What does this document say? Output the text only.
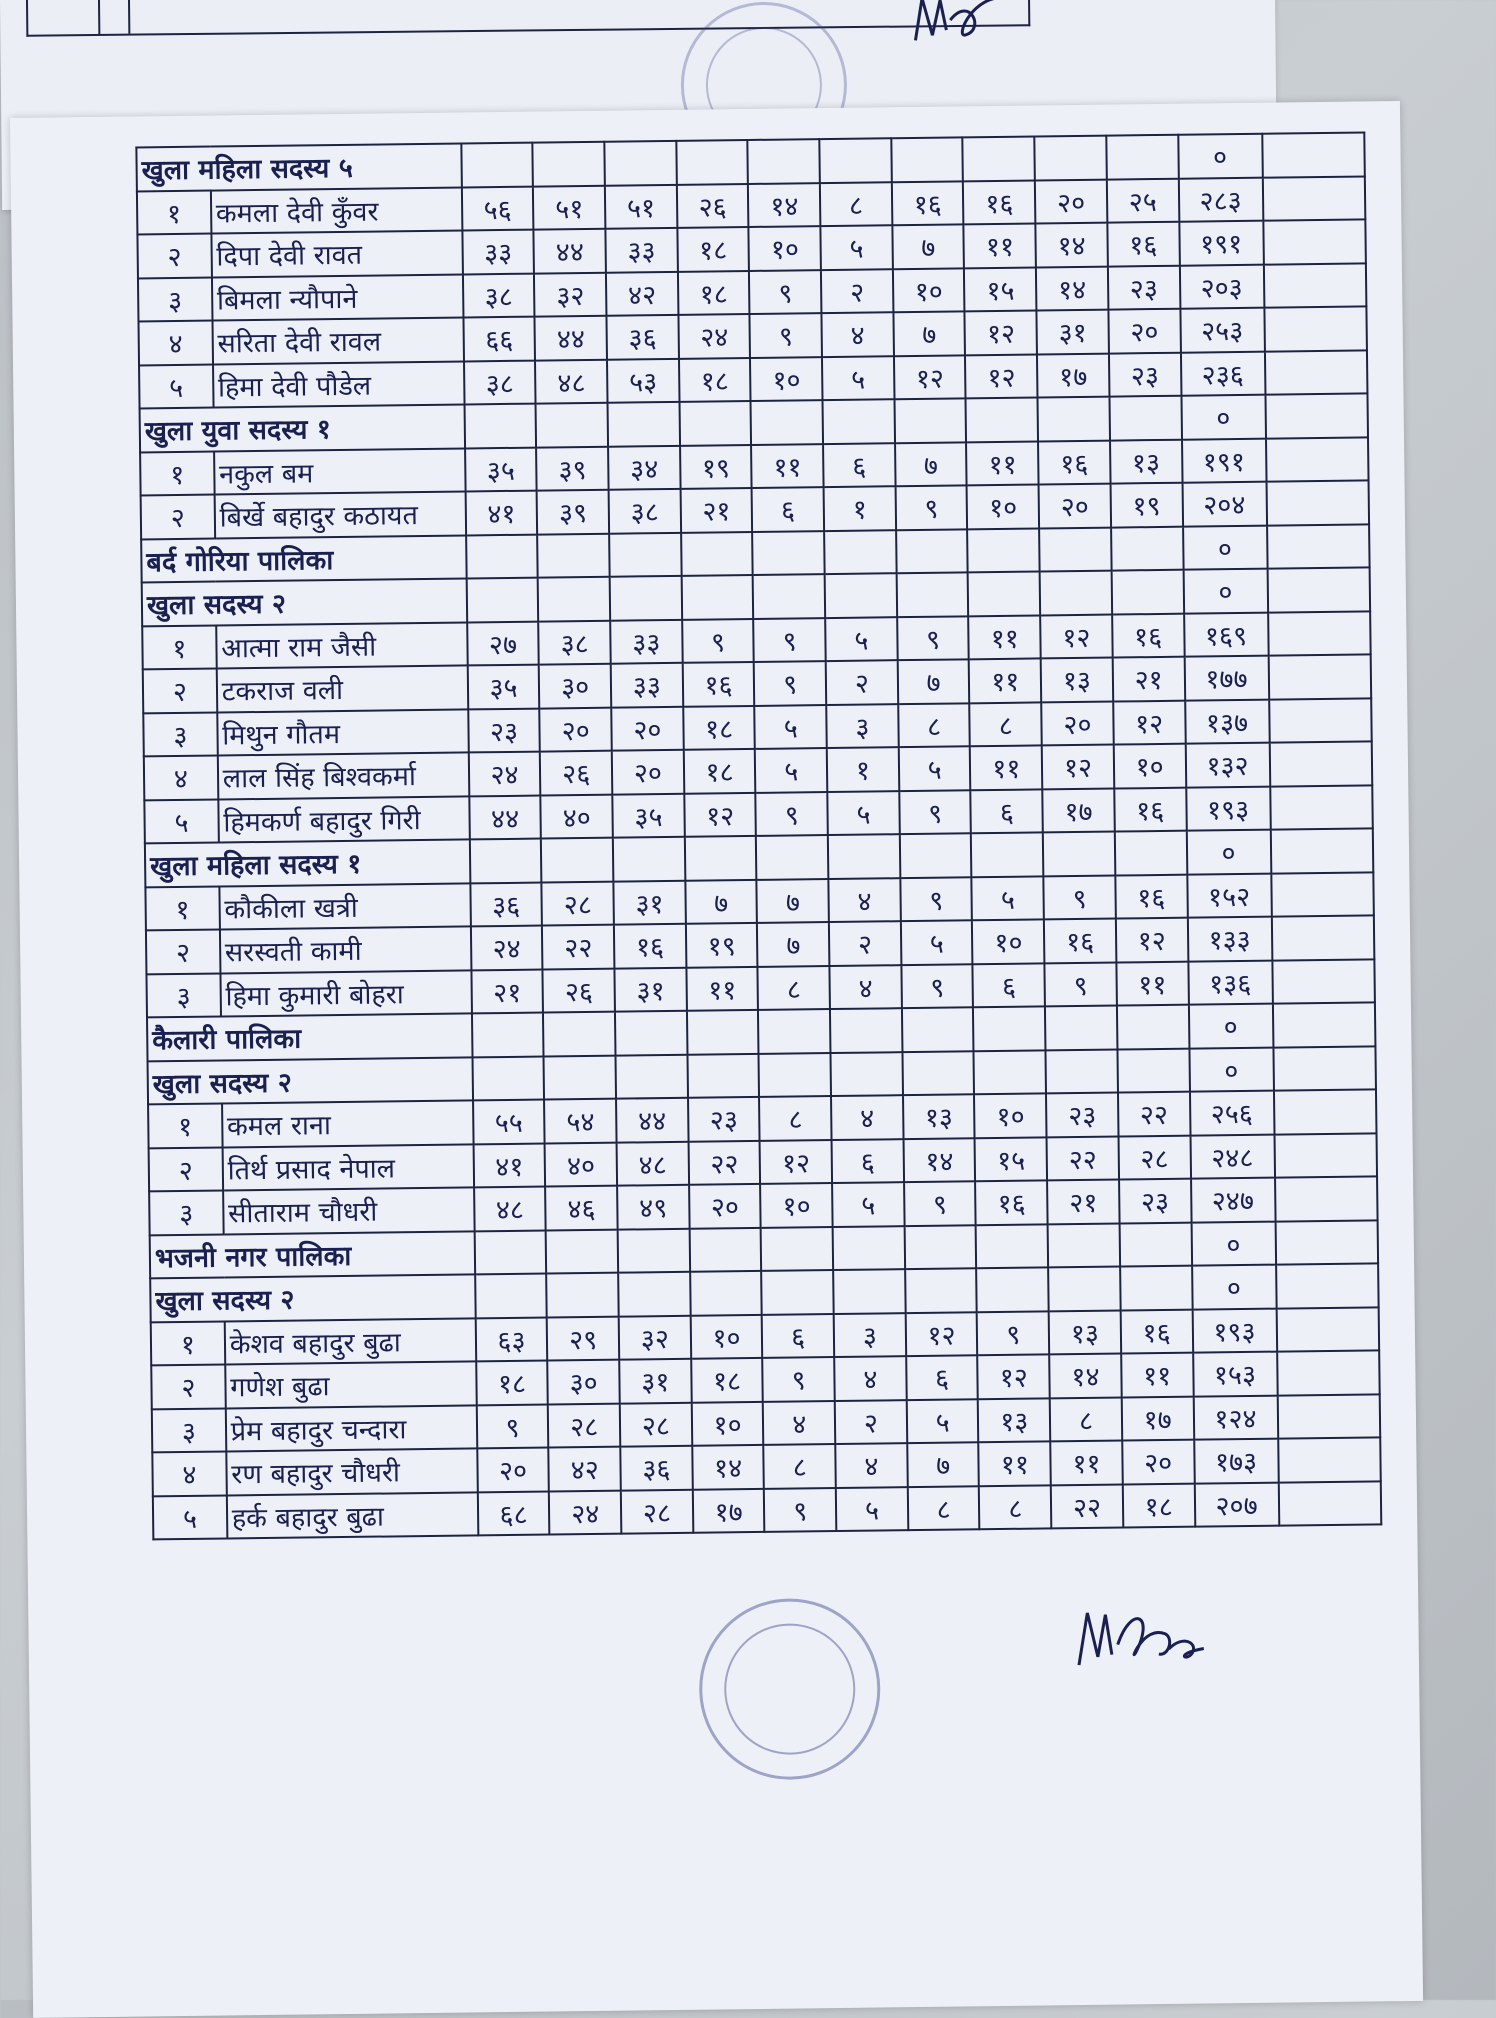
खुला महिला सदस्य ५												०	
१	कमला देवी कुँवर	५६	५१	५१	२६	१४	८	१६	१६	२०	२५	२८३	
२	दिपा देवी रावत	३३	४४	३३	१८	१०	५	७	११	१४	१६	१९१	
३	बिमला न्यौपाने	३८	३२	४२	१८	९	२	१०	१५	१४	२३	२०३	
४	सरिता देवी रावल	६६	४४	३६	२४	९	४	७	१२	३१	२०	२५३	
५	हिमा देवी पौडेल	३८	४८	५३	१८	१०	५	१२	१२	१७	२३	२३६	
खुला युवा सदस्य १												०	
१	नकुल बम	३५	३९	३४	१९	११	६	७	११	१६	१३	१९१	
२	बिर्खे बहादुर कठायत	४१	३९	३८	२१	६	१	९	१०	२०	१९	२०४	
बर्द गोरिया पालिका												०	
खुला सदस्य २												०	
१	आत्मा राम जैसी	२७	३८	३३	९	९	५	९	११	१२	१६	१६९	
२	टकराज वली	३५	३०	३३	१६	९	२	७	११	१३	२१	१७७	
३	मिथुन गौतम	२३	२०	२०	१८	५	३	८	८	२०	१२	१३७	
४	लाल सिंह बिश्वकर्मा	२४	२६	२०	१८	५	१	५	११	१२	१०	१३२	
५	हिमकर्ण बहादुर गिरी	४४	४०	३५	१२	९	५	९	६	१७	१६	१९३	
खुला महिला सदस्य १												०	
१	कौकीला खत्री	३६	२८	३१	७	७	४	९	५	९	१६	१५२	
२	सरस्वती कामी	२४	२२	१६	१९	७	२	५	१०	१६	१२	१३३	
३	हिमा कुमारी बोहरा	२१	२६	३१	११	८	४	९	६	९	११	१३६	
कैलारी पालिका												०	
खुला सदस्य २												०	
१	कमल राना	५५	५४	४४	२३	८	४	१३	१०	२३	२२	२५६	
२	तिर्थ प्रसाद नेपाल	४१	४०	४८	२२	१२	६	१४	१५	२२	२८	२४८	
३	सीताराम चौधरी	४८	४६	४९	२०	१०	५	९	१६	२१	२३	२४७	
भजनी नगर पालिका												०	
खुला सदस्य २												०	
१	केशव बहादुर बुढा	६३	२९	३२	१०	६	३	१२	९	१३	१६	१९३	
२	गणेश बुढा	१८	३०	३१	१८	९	४	६	१२	१४	११	१५३	
३	प्रेम बहादुर चन्दारा	९	२८	२८	१०	४	२	५	१३	८	१७	१२४	
४	रण बहादुर चौधरी	२०	४२	३६	१४	८	४	७	११	११	२०	१७३	
५	हर्क बहादुर बुढा	६८	२४	२८	१७	९	५	८	८	२२	१८	२०७	
